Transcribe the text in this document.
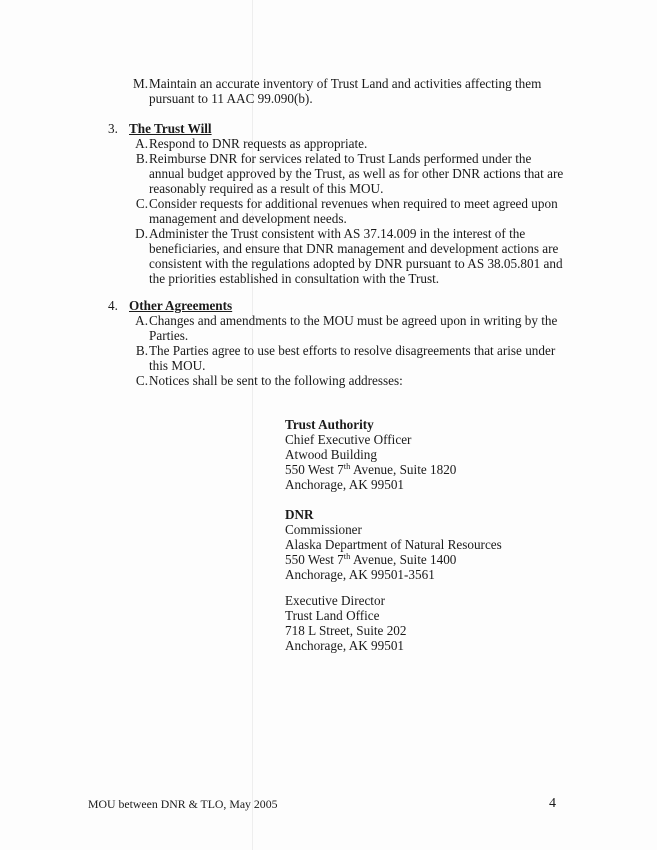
M. Maintain an accurate inventory of Trust Land and activities affecting them
pursuant to 11 AAC 99.090(b).
3. The Trust Will
A. Respond to DNR requests as appropriate.
B. Reimburse DNR for services related to Trust Lands performed under the
annual budget approved by the Trust, as well as for other DNR actions that are
reasonably required as a result of this MOU.
C. Consider requests for additional revenues when required to meet agreed upon
management and development needs.
D. Administer the Trust consistent with AS 37.14.009 in the interest of the
beneficiaries, and ensure that DNR management and development actions are
consistent with the regulations adopted by DNR pursuant to AS 38.05.801 and
the priorities established in consultation with the Trust.
4. Other Agreements
A. Changes and amendments to the MOU must be agreed upon in writing by the
Parties.
B. The Parties agree to use best efforts to resolve disagreements that arise under
this MOU.
C. Notices shall be sent to the following addresses:
Trust Authority
Chief Executive Officer
Atwood Building
550 West 7th Avenue, Suite 1820
Anchorage, AK 99501
DNR
Commissioner
Alaska Department of Natural Resources
550 West 7th Avenue, Suite 1400
Anchorage, AK 99501-3561
Executive Director
Trust Land Office
718 L Street, Suite 202
Anchorage, AK 99501
MOU between DNR & TLO, May 2005	4
